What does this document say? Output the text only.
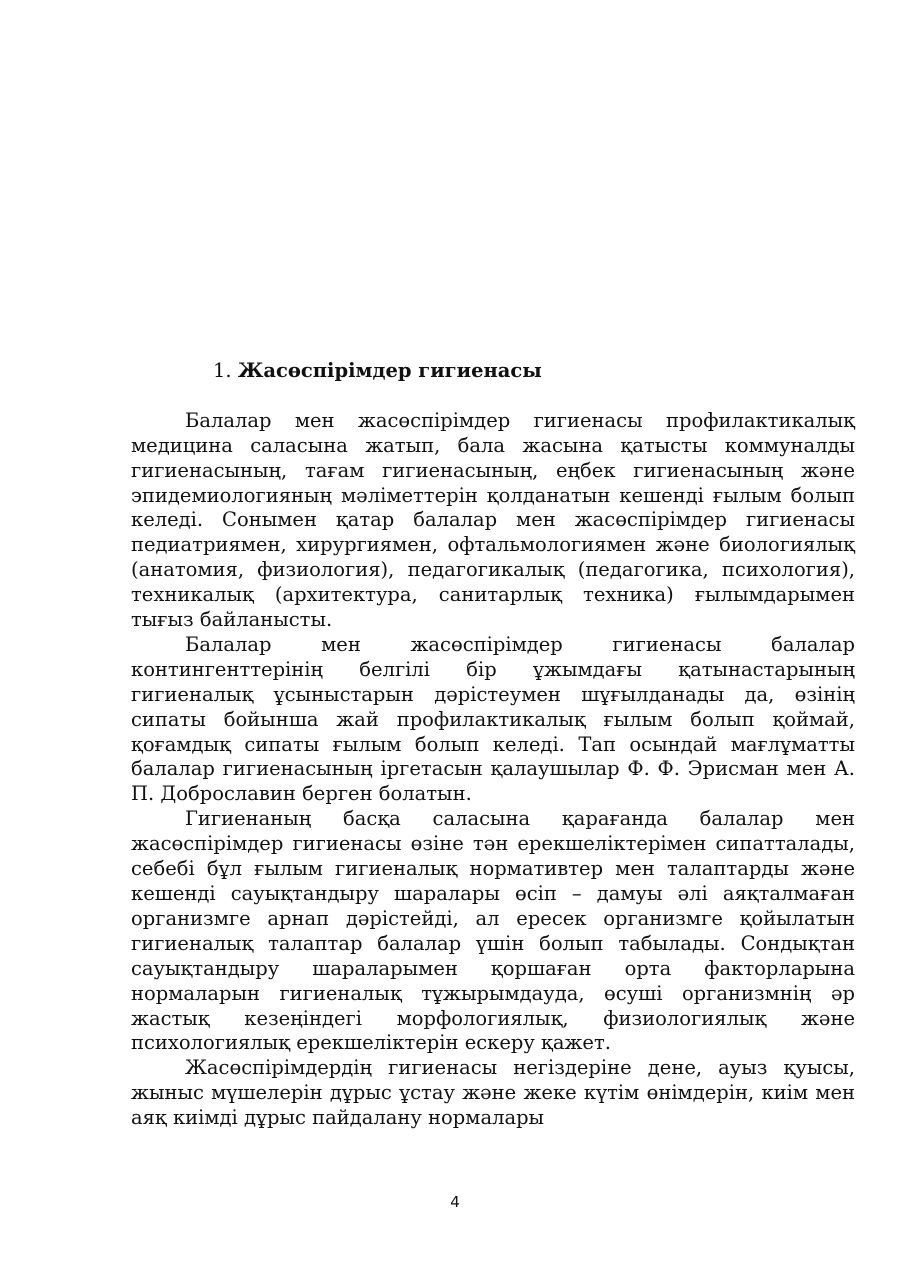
1. Жасөспірімдер гигиенасы

Балалар мен жасөспірімдер гигиенасы профилактикалық медицина саласына жатып, бала жасына қатысты коммуналды гигиенасының, тағам гигиенасының, еңбек гигиенасының және эпидемиологияның мәліметтерін қолданатын кешенді ғылым болып келеді. Сонымен қатар балалар мен жасөспірімдер гигиенасы педиатриямен, хирургиямен, офтальмологиямен және биологиялық (анатомия, физиология), педагогикалық (педагогика, психология), техникалық (архитектура, санитарлық техника) ғылымдарымен тығыз байланысты.

Балалар мен жасөспірімдер гигиенасы балалар контингенттерінің белгілі бір ұжымдағы қатынастарының гигиеналық ұсыныстарын дәрістеумен шұғылданады да, өзінің сипаты бойынша жай профилактикалық ғылым болып қоймай, қоғамдық сипаты ғылым болып келеді. Тап осындай мағлұматты балалар гигиенасының іргетасын қалаушылар Ф. Ф. Эрисман мен А. П. Доброславин берген болатын.

Гигиенаның басқа саласына қарағанда балалар мен жасөспірімдер гигиенасы өзіне тән ерекшеліктерімен сипатталады, себебі бұл ғылым гигиеналық нормативтер мен талаптарды және кешенді сауықтандыру шаралары өсіп – дамуы әлі аяқталмаған организмге арнап дәрістейді, ал ересек организмге қойылатын гигиеналық талаптар балалар үшін болып табылады. Сондықтан сауықтандыру шараларымен қоршаған орта факторларына нормаларын гигиеналық тұжырымдауда, өсуші организмнің әр жастық кезеңіндегі морфологиялық, физиологиялық және психологиялық ерекшеліктерін ескеру қажет.

Жасөспірімдердің гигиенасы негіздеріне дене, ауыз қуысы, жыныс мүшелерін дұрыс ұстау және жеке күтім өнімдерін, киім мен аяқ киімді дұрыс пайдалану нормалары

4
